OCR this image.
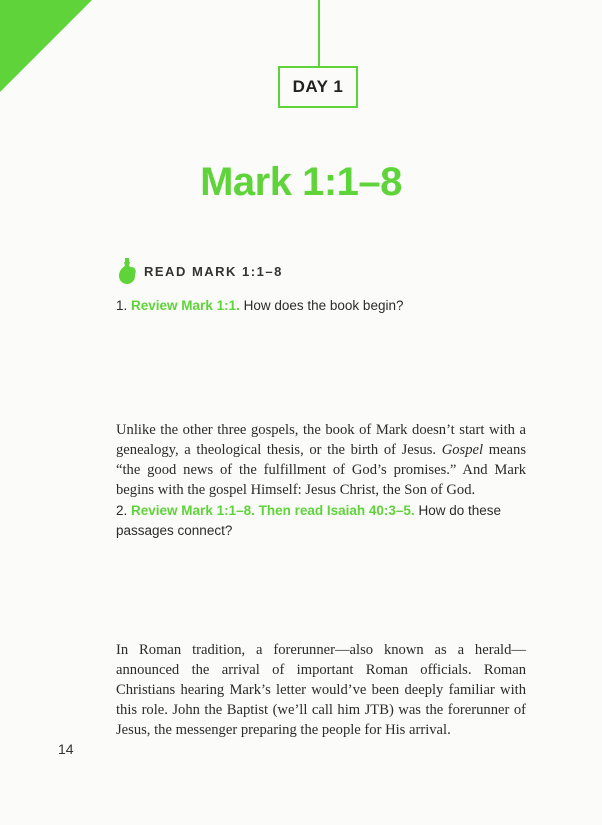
DAY 1
Mark 1:1–8
READ MARK 1:1–8
1. Review Mark 1:1. How does the book begin?

Unlike the other three gospels, the book of Mark doesn’t start with a genealogy, a theological thesis, or the birth of Jesus. Gospel means “the good news of the fulfillment of God’s promises.” And Mark begins with the gospel Himself: Jesus Christ, the Son of God.

2. Review Mark 1:1–8. Then read Isaiah 40:3–5. How do these passages connect?

In Roman tradition, a forerunner—also known as a herald—announced the arrival of important Roman officials. Roman Christians hearing Mark’s letter would’ve been deeply familiar with this role. John the Baptist (we’ll call him JTB) was the forerunner of Jesus, the messenger preparing the people for His arrival.

14
